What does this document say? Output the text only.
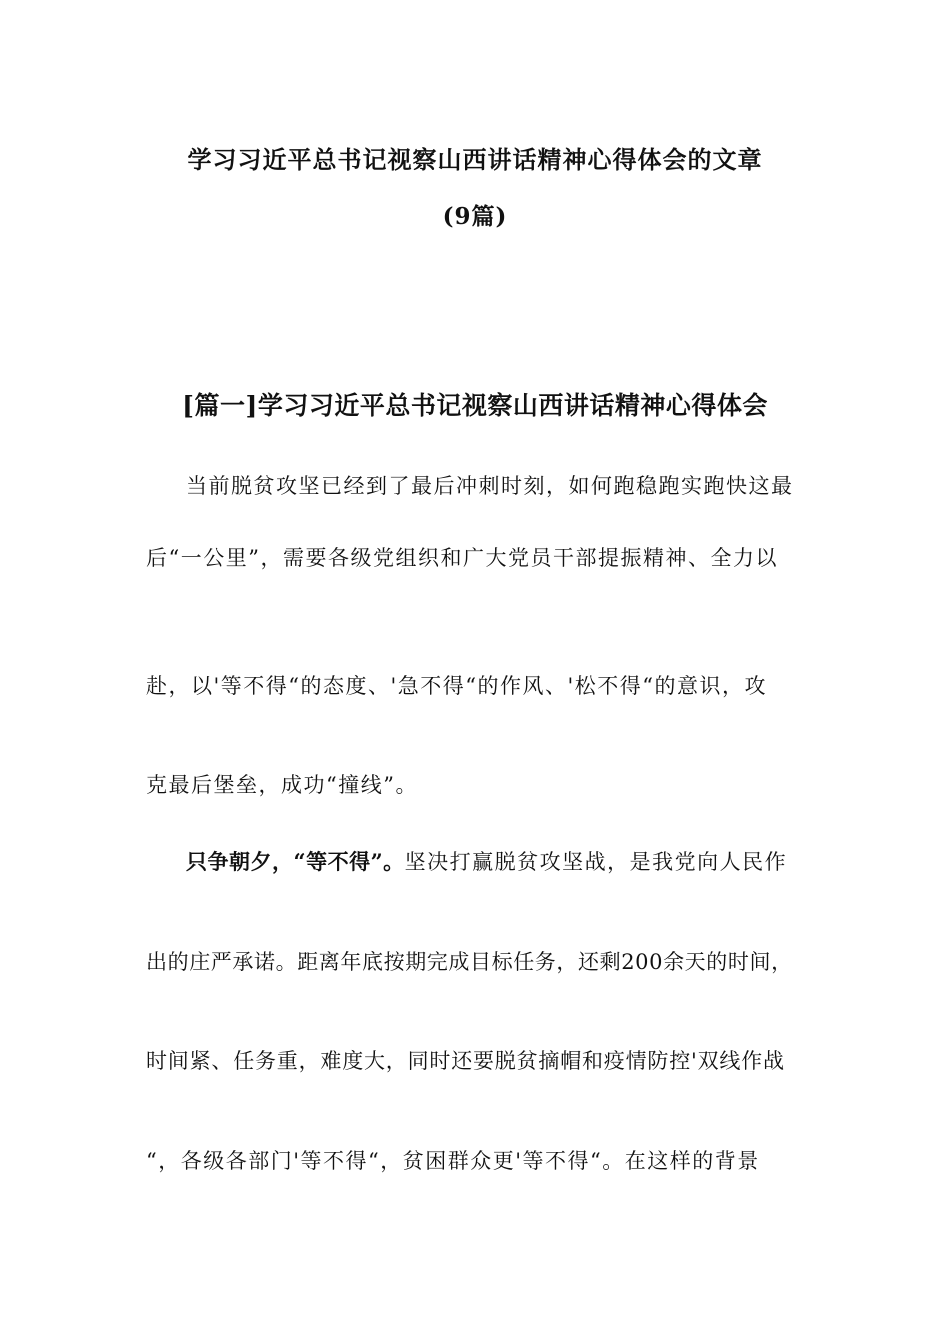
学习习近平总书记视察山西讲话精神心得体会的文章
(9篇)
[篇一]学习习近平总书记视察山西讲话精神心得体会
当前脱贫攻坚已经到了最后冲刺时刻，如何跑稳跑实跑快这最
后“一公里”，需要各级党组织和广大党员干部提振精神、全力以
赴，以'等不得“的态度、'急不得“的作风、'松不得“的意识，攻
克最后堡垒，成功“撞线”。
只争朝夕，“等不得”。坚决打赢脱贫攻坚战，是我党向人民作
出的庄严承诺。距离年底按期完成目标任务，还剩200余天的时间，
时间紧、任务重，难度大，同时还要脱贫摘帽和疫情防控'双线作战
“，各级各部门'等不得“，贫困群众更'等不得“。在这样的背景
